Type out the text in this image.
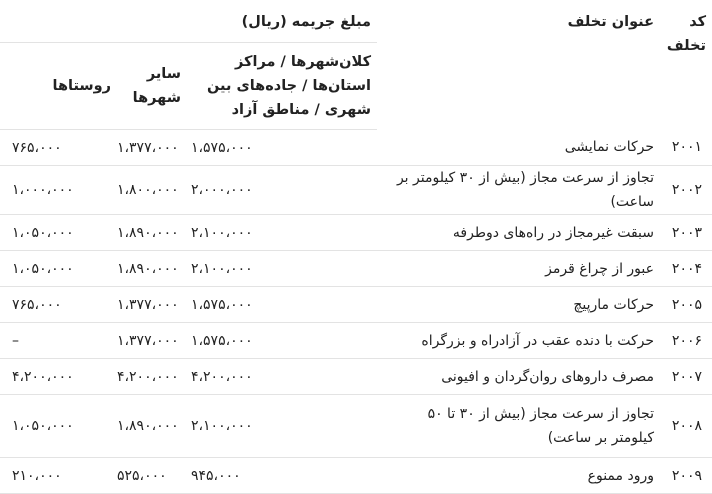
کد تخلف	عنوان تخلف	مبلغ جریمه (ریال)		
		کلان‌شهرها / مراکز استان‌ها / جاده‌های بین شهری / مناطق آزاد	سایر شهرها	روستاها
۲۰۰۱	حرکات نمایشی	۱،۵۷۵،۰۰۰	۱،۳۷۷،۰۰۰	۷۶۵،۰۰۰
۲۰۰۲	تجاوز از سرعت مجاز (بیش از ۳۰ کیلومتر بر ساعت)	۲،۰۰۰،۰۰۰	۱،۸۰۰،۰۰۰	۱،۰۰۰،۰۰۰
۲۰۰۳	سبقت غیرمجاز در راه‌های دوطرفه	۲،۱۰۰،۰۰۰	۱،۸۹۰،۰۰۰	۱،۰۵۰،۰۰۰
۲۰۰۴	عبور از چراغ قرمز	۲،۱۰۰،۰۰۰	۱،۸۹۰،۰۰۰	۱،۰۵۰،۰۰۰
۲۰۰۵	حرکات مارپیچ	۱،۵۷۵،۰۰۰	۱،۳۷۷،۰۰۰	۷۶۵،۰۰۰
۲۰۰۶	حرکت با دنده عقب در آزادراه و بزرگراه	۱،۵۷۵،۰۰۰	۱،۳۷۷،۰۰۰	–
۲۰۰۷	مصرف داروهای روان‌گردان و افیونی	۴،۲۰۰،۰۰۰	۴،۲۰۰،۰۰۰	۴،۲۰۰،۰۰۰
۲۰۰۸	تجاوز از سرعت مجاز (بیش از ۳۰ تا ۵۰ کیلومتر بر ساعت)	۲،۱۰۰،۰۰۰	۱،۸۹۰،۰۰۰	۱،۰۵۰،۰۰۰
۲۰۰۹	ورود ممنوع	۹۴۵،۰۰۰	۵۲۵،۰۰۰	۲۱۰،۰۰۰
